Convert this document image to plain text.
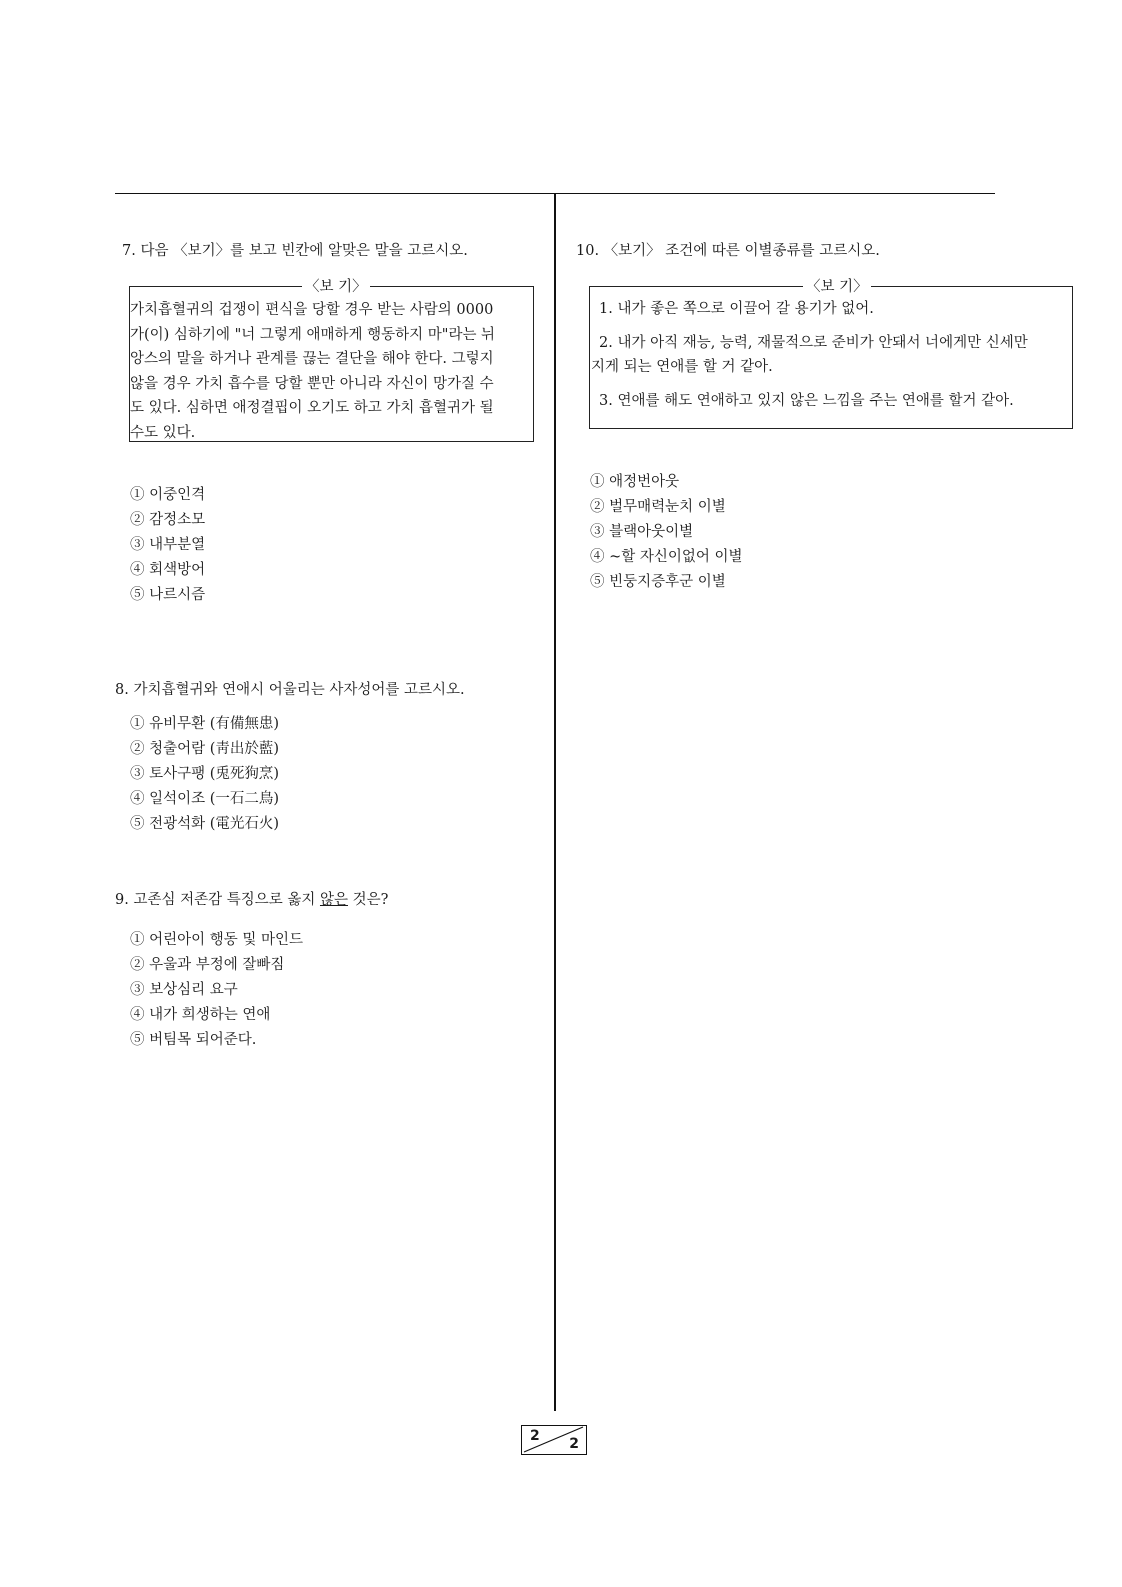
7. 다음 〈보기〉를 보고 빈칸에 알맞은 말을 고르시오.

가치흡혈귀의 겁쟁이 편식을 당할 경우 받는 사람의 0000

가(이) 심하기에 "너 그렇게 애매하게 행동하지 마"라는 뉘

앙스의 말을 하거나 관계를 끊는 결단을 해야 한다. 그렇지

않을 경우 가치 흡수를 당할 뿐만 아니라 자신이 망가질 수

도 있다. 심하면 애정결핍이 오기도 하고 가치 흡혈귀가 될

수도 있다.

〈보 기〉
① 이중인격
② 감정소모
③ 내부분열
④ 회색방어
⑤ 나르시즘
8. 가치흡혈귀와 연애시 어울리는 사자성어를 고르시오.
① 유비무환 (有備無患)
② 청출어람 (靑出於藍)
③ 토사구팽 (兎死狗烹)
④ 일석이조 (一石二鳥)
⑤ 전광석화 (電光石火)
9. 고존심 저존감 특징으로 옳지 않은 것은?
① 어린아이 행동 및 마인드
② 우울과 부정에 잘빠짐
③ 보상심리 요구
④ 내가 희생하는 연애
⑤ 버팀목 되어준다.
10. 〈보기〉 조건에 따른 이별종류를 고르시오.

1. 내가 좋은 쪽으로 이끌어 갈 용기가 없어.

2. 내가 아직 재능, 능력, 재물적으로 준비가 안돼서 너에게만 신세만

지게 되는 연애를 할 거 같아.

3. 연애를 해도 연애하고 있지 않은 느낌을 주는 연애를 할거 같아.

〈보 기〉
① 애정번아웃
② 벌무매력눈치 이별
③ 블랙아웃이별
④ ~할 자신이없어 이별
⑤ 빈둥지증후군 이별
2 2
